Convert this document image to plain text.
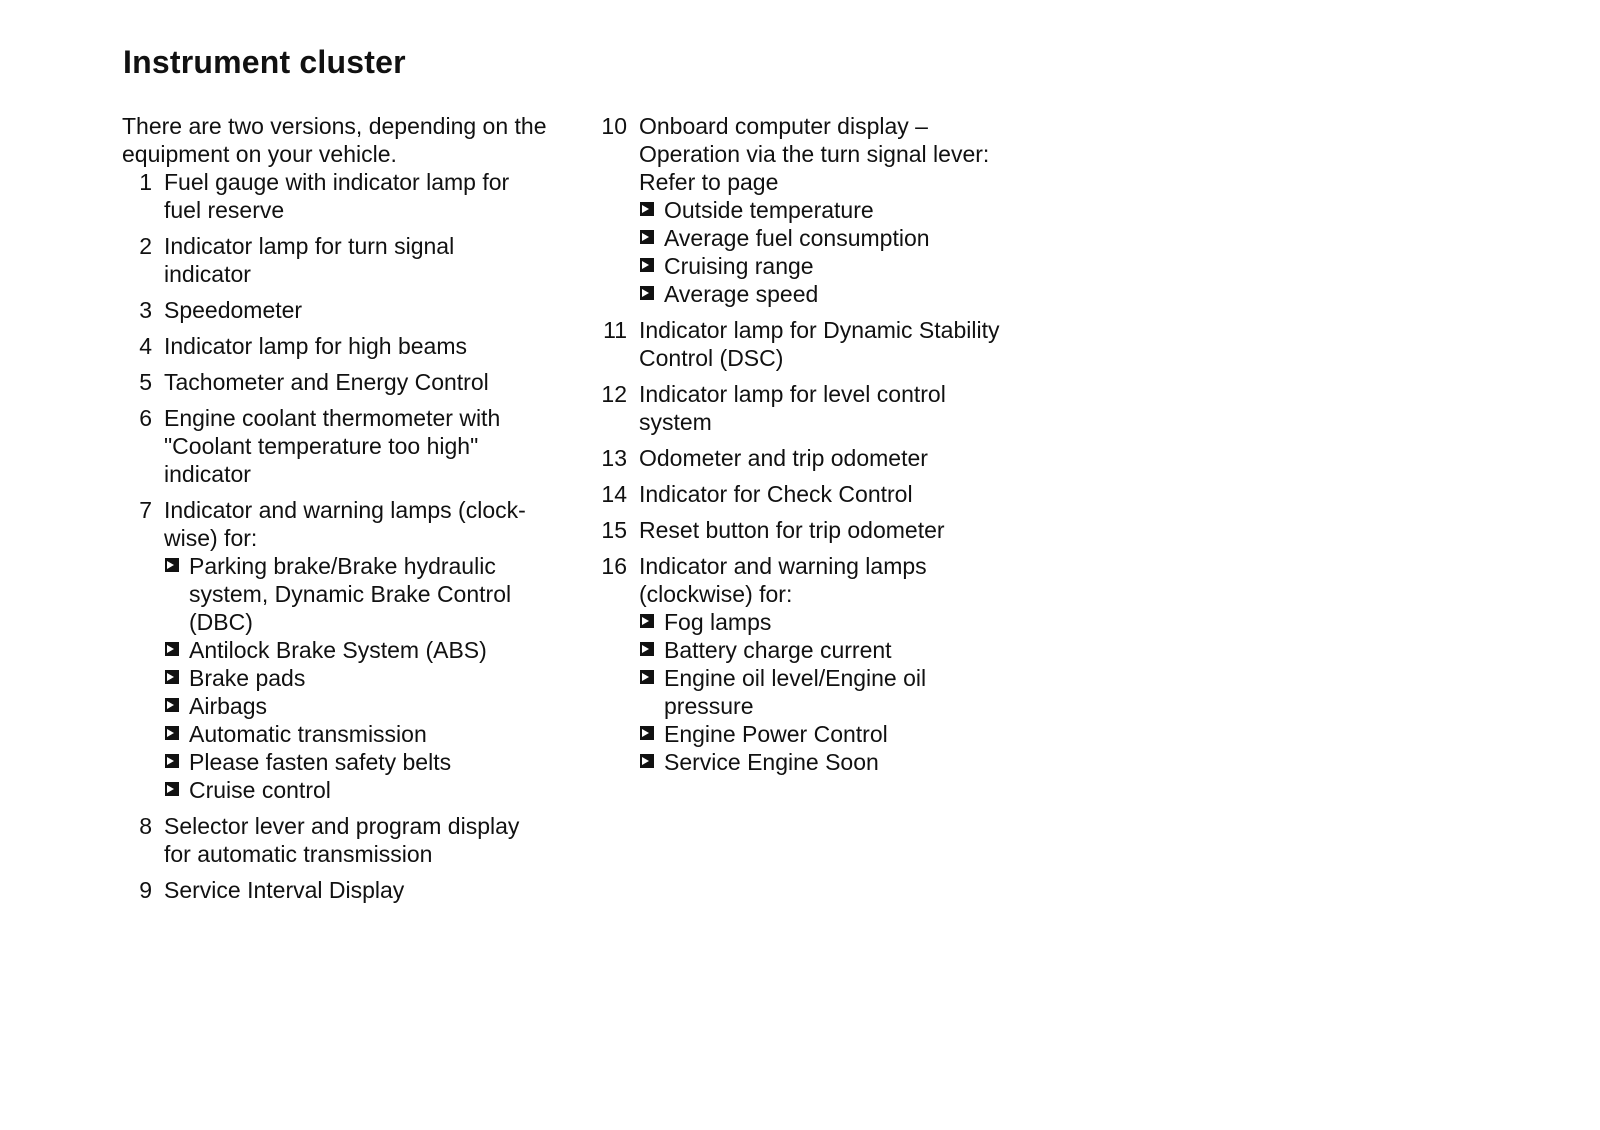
Instrument cluster

There are two versions, depending on the equipment on your vehicle.

1 Fuel gauge with indicator lamp for
fuel reserve
2 Indicator lamp for turn signal
indicator
3 Speedometer
4 Indicator lamp for high beams
5 Tachometer and Energy Control
6 Engine coolant thermometer with
"Coolant temperature too high"
indicator
7 Indicator and warning lamps (clock-
wise) for:
Parking brake/Brake hydraulic
system, Dynamic Brake Control
(DBC)
Antilock Brake System (ABS)
Brake pads
Airbags
Automatic transmission
Please fasten safety belts
Cruise control
8 Selector lever and program display
for automatic transmission
9 Service Interval Display
10 Onboard computer display –
Operation via the turn signal lever:
Refer to page
Outside temperature
Average fuel consumption
Cruising range
Average speed
11 Indicator lamp for Dynamic Stability
Control (DSC)
12 Indicator lamp for level control
system
13 Odometer and trip odometer
14 Indicator for Check Control
15 Reset button for trip odometer
16 Indicator and warning lamps
(clockwise) for:
Fog lamps
Battery charge current
Engine oil level/Engine oil
pressure
Engine Power Control
Service Engine Soon
